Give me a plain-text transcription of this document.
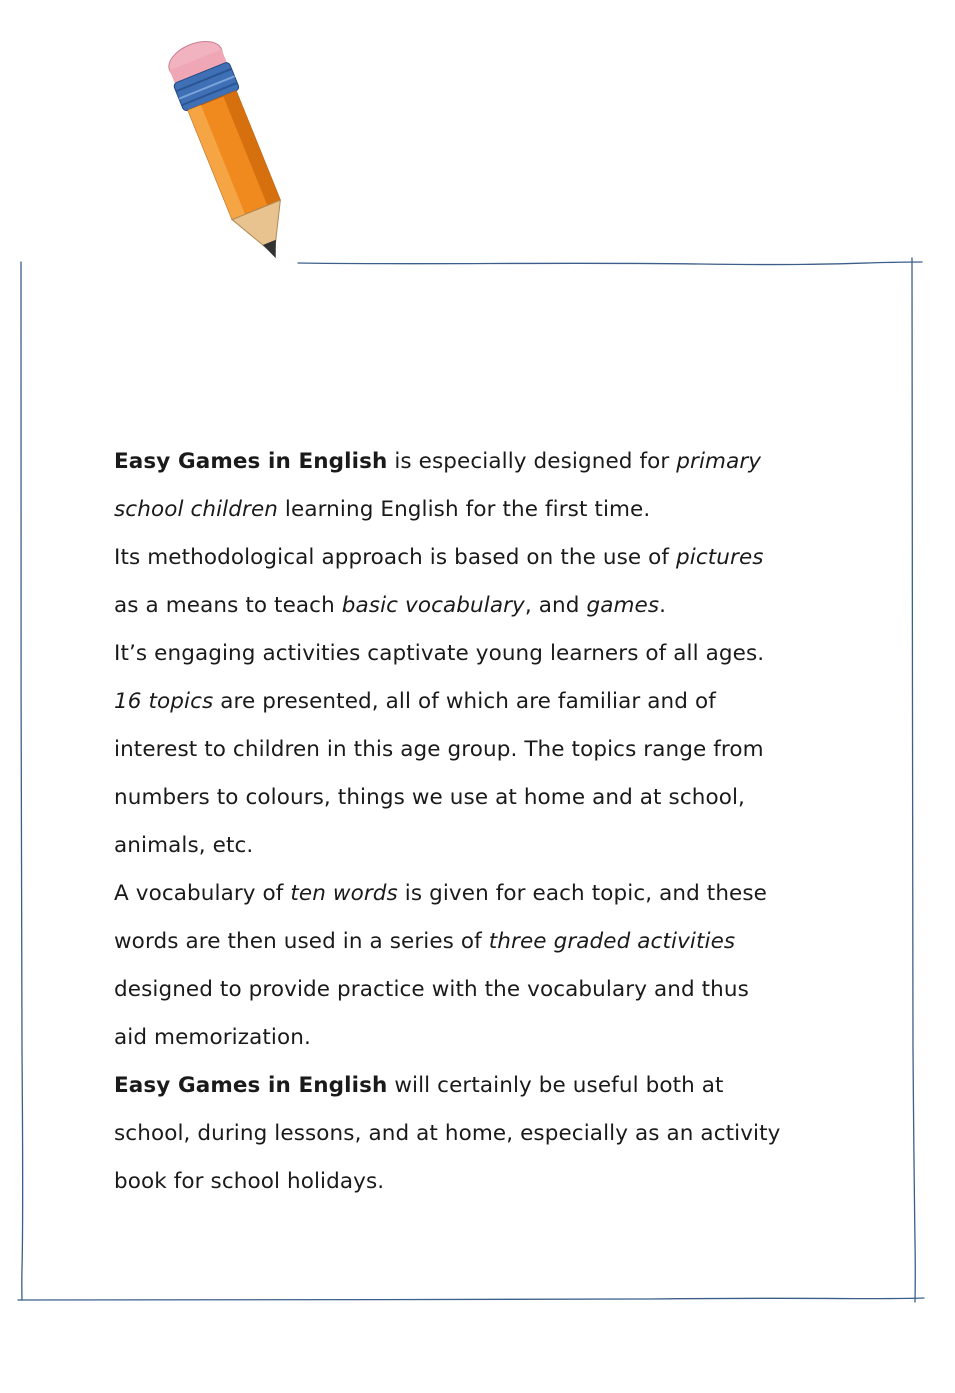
Easy Games in English is especially designed for primary
school children learning English for the first time.
Its methodological approach is based on the use of pictures
as a means to teach basic vocabulary, and games.
It’s engaging activities captivate young learners of all ages.
16 topics are presented, all of which are familiar and of
interest to children in this age group. The topics range from
numbers to colours, things we use at home and at school,
animals, etc.
A vocabulary of ten words is given for each topic, and these
words are then used in a series of three graded activities
designed to provide practice with the vocabulary and thus
aid memorization.
Easy Games in English will certainly be useful both at
school, during lessons, and at home, especially as an activity
book for school holidays.
